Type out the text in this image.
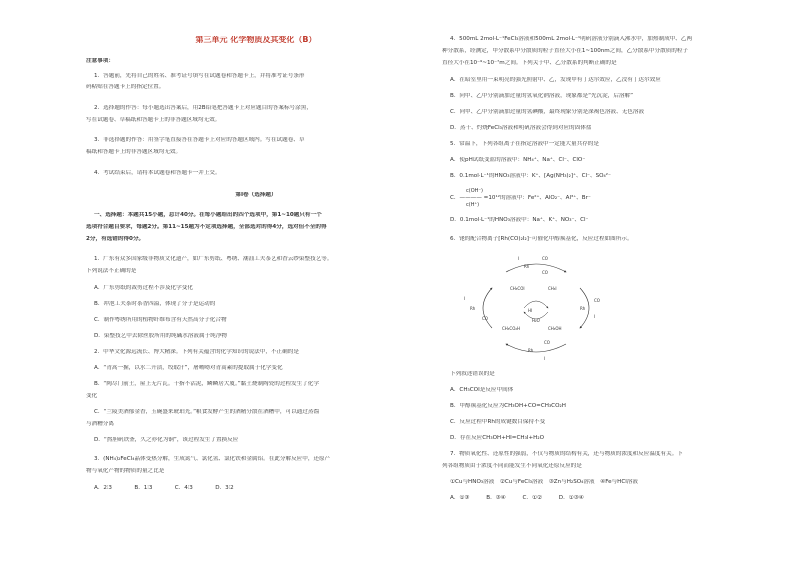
第三单元 化学物质及其变化（B）
注意事项：
1．答题前，先将自己的姓名、准考证号填写在试题卷和答题卡上，并将准考证号条形
码粘贴在答题卡上的指定位置。
2．选择题的作答：每小题选出答案后，用2B铅笔把答题卡上对应题目的答案标号涂黑，
写在试题卷、草稿纸和答题卡上的非答题区域均无效。
3．非选择题的作答：用签字笔直接答在答题卡上对应的答题区域内。写在试题卷、草
稿纸和答题卡上的非答题区域均无效。
4．考试结束后，请将本试题卷和答题卡一并上交。
第Ⅰ卷（选择题）
一、选择题：本题共15小题，总计40分。在每小题给出的四个选项中，第1~10题只有一个
选项符合题目要求，每题2分。第11~15题为不定项选择题，全部选对的得4分，选对但不全的得
2分，有选错的得0分。
1．广东有众多国家级非物质文化遗产，如广东剪纸、粤绣、潮汕工夫茶艺和香云纱染整技艺等。
下列说法不正确的是
A．广东剪纸的裁剪过程不涉及化学变化
B．冲泡工夫茶时茶香四溢，体现了分子是运动的
C．制作粤绣所用的植物纤维布含有天然高分子化合物
D．染整技艺中去除丝胶所用的纯碱水溶液属于纯净物
2．中华文化源远流长、博大精深。下列有关蕴含的化学知识的说法中，不正确的是
A．“青蒿一握，以水二升渍，绞取汁”，屠呦呦对青蒿素的提取属于化学变化
B．“陶尽门前土，屋上无片瓦。十指不沾泥，鳞鳞居大厦。”黏土烧制陶瓷的过程发生了化学
变化
C．“兰陵美酒郁金香，玉碗盛来琥珀光。”粮食发酵产生的酒精分散在酒糟中，可以通过蒸馏
与酒糟分离
D．“熬胆矾铁釜，久之亦化为铜”，该过程发生了置换反应
3．(NH₄)₂FeCl₄晶体受热分解，生成氮气、氯化氢、氯化铁和金属铝。在此分解反应中，还原产
物与氧化产物的物质的量之比是
A．2∶3　　　　B．1∶3　　　　C．4∶3　　　　D．3∶2
4．500mL 2mol·L⁻¹FeCl₃溶液和500mL 2mol·L⁻¹明矾溶液分别滴入沸水中，加热制成甲、乙两
种分散系，经测定，甲分散系中分散质的粒子直径大小在1~100nm之间，乙分散系中分散质的粒子
直径大小在10⁻⁹~10⁻⁷m之间。下列关于甲、乙分散系的判断正确的是
A．在暗室里用一束明亮的强光照射甲、乙，发现甲有丁达尔效应，乙没有丁达尔效应
B．向甲、乙中分别滴加过量的氢氧化钠溶液，现象都是“先沉淀，后溶解”
C．向甲、乙中分别滴加过量的氢碘酸，最终现象分别是深褐色溶液、无色溶液
D．蒸干、灼烧FeCl₃溶液和明矾溶液会得到对应的固体盐
5．常温下，下列各组离子在指定溶液中一定能大量共存的是
A．使pH试纸变蓝的溶液中：NH₄⁺、Na⁺、Cl⁻、ClO⁻
B．0.1mol·L⁻¹的HNO₃溶液中：K⁺、[Ag(NH₃)₂]⁺、Cl⁻、SO₄²⁻
c(OH⁻)
C．———— =10¹²的溶液中：Fe²⁺、AlO₂⁻、Al³⁺、Br⁻
c(H⁺)
D．0.1mol·L⁻¹的HNO₃溶液中：Na⁺、K⁺、NO₃⁻、Cl⁻
6．铑的配合物离子[Rh(CO)₂I₂]⁻可催化甲醇羰基化，反应过程如图所示。
下列叙述错误的是
A．CH₃COI是反应中间体
B．甲醇羰基化反应为CH₃OH+CO=CH₃CO₂H
C．反应过程中Rh的成键数目保持不变
D．存在反应CH₃OH+HI=CH₃I+H₂O
7．物质氧化性、还原性的强弱，不仅与物质的结构有关，还与物质的浓度和反应温度有关。下
列各组物质由于浓度不同而能发生不同氧化还原反应的是
①Cu与HNO₃溶液　②Cu与FeCl₃溶液　③Zn与H₂SO₄溶液　④Fe与HCl溶液
A．①③　　　B．③④　　　C．①②　　　D．①③④
Rh
I	CO
CO
Rh
CO
I
Rh
CO
I
Rh
I
CO
CH₃COI	CH₃I
HI
CH₃CO₂H	CH₃OH
H₂O
